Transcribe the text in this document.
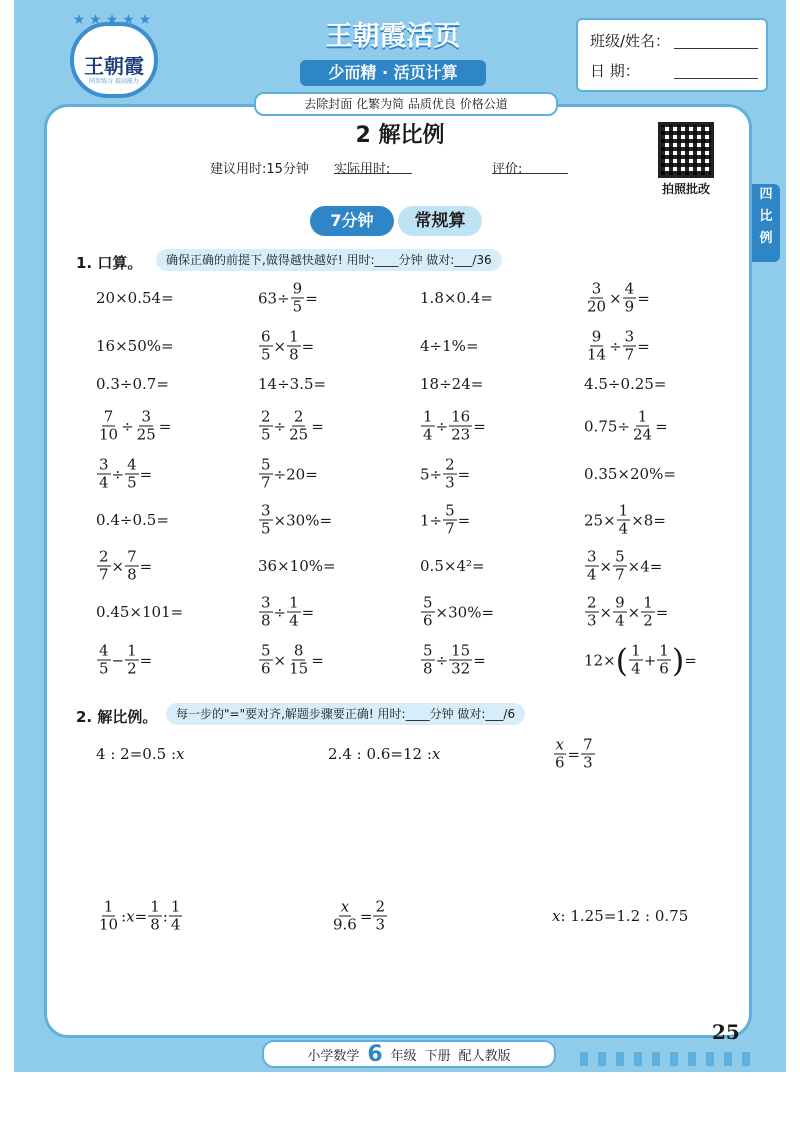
★★★★★
王朝霞
同步练习 提高能力
王朝霞活页
少而精 · 活页计算
去除封面 化繁为简 品质优良 价格公道
班级/姓名：
日 期：
2 解比例
建议用时:15分钟 实际用时:
	评价:

拍照批改	四
比
例
7分钟	常规算
1. 口算。	确保正确的前提下,做得越快越好! 用时:____分钟 做对:___/36
20×0.54=	$63\div \frac{9}{5}$ =	1.8×0.4=	$\frac{3}{20} \times \frac{4}{9}$ =
16×50%=	$\frac{6}{5} \times \frac{1}{8}$ =	4÷1%=	$\frac{9}{14} \div \frac{3}{7}$ =
0.3÷0.7=	14÷3.5=	18÷24=	4.5÷0.25=
$\frac{7}{10} \div \frac{3}{25}$ =	$\frac{2}{5} \div \frac{2}{25}$ =	$\frac{1}{4} \div \frac{16}{23}$ =	$0.75\div \frac{1}{24}$ =
$\frac{3}{4} \div \frac{4}{5}$ =	$\frac{5}{7} \div 20=$	$5\div \frac{2}{3}$ =	0.35×20%=
0.4÷0.5=	$\frac{3}{5} \times 30\%=$	$1\div \frac{5}{7}$ =	$25\times \frac{1}{4} \times 8=$
$\frac{2}{7} \times \frac{7}{8}$ =	36×10%=	0.5×4²=	$\frac{3}{4} \times \frac{5}{7} \times 4=$
0.45×101=	$\frac{3}{8} \div \frac{1}{4}$ =	$\frac{5}{6} \times 30\%=$	$\frac{2}{3} \times \frac{9}{4} \times \frac{1}{2}$ =
$\frac{4}{5} - \frac{1}{2}$ =	$\frac{5}{6} \times \frac{8}{15}$ =	$\frac{5}{8} \div \frac{15}{32}$ =	12× ( $\frac{1}{4} + \frac{1}{6}$ ) =
2. 解比例。	每一步的"="要对齐,解题步骤要正确! 用时:____分钟 做对:___/6
4 : 2=0.5 : x	2.4 : 0.6=12 : x	$\frac{x}{6} = \frac{7}{3}$
$\frac{1}{10}$ : $x = \frac{1}{8}$ : $\frac{1}{4}$	$\frac{x}{9.6} = \frac{2}{3}$	x : 1.25=1.2 : 0.75
25
小学数学 6 年级 下册 配人教版
